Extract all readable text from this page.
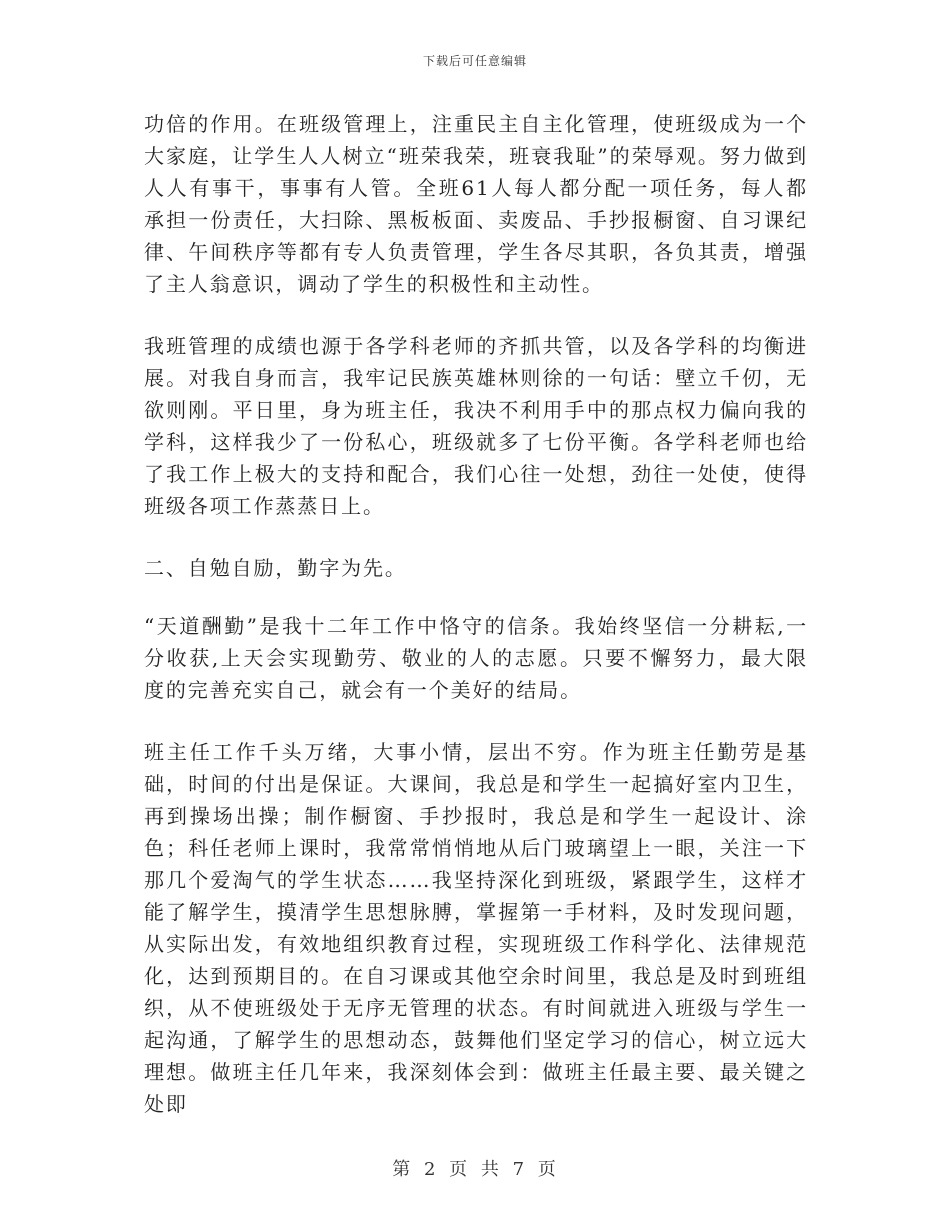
下载后可任意编辑

功倍的作用。在班级管理上，注重民主自主化管理，使班级成为一个大家庭，让学生人人树立“班荣我荣，班衰我耻”的荣辱观。努力做到人人有事干，事事有人管。全班61人每人都分配一项任务，每人都承担一份责任，大扫除、黑板板面、卖废品、手抄报橱窗、自习课纪律、午间秩序等都有专人负责管理，学生各尽其职，各负其责，增强了主人翁意识，调动了学生的积极性和主动性。

我班管理的成绩也源于各学科老师的齐抓共管，以及各学科的均衡进展。对我自身而言，我牢记民族英雄林则徐的一句话：壁立千仞，无欲则刚。平日里，身为班主任，我决不利用手中的那点权力偏向我的学科，这样我少了一份私心，班级就多了七份平衡。各学科老师也给了我工作上极大的支持和配合，我们心往一处想，劲往一处使，使得班级各项工作蒸蒸日上。

二、自勉自励，勤字为先。

“天道酬勤”是我十二年工作中恪守的信条。我始终坚信一分耕耘,一分收获,上天会实现勤劳、敬业的人的志愿。只要不懈努力，最大限度的完善充实自己，就会有一个美好的结局。

班主任工作千头万绪，大事小情，层出不穷。作为班主任勤劳是基础，时间的付出是保证。大课间，我总是和学生一起搞好室内卫生，再到操场出操；制作橱窗、手抄报时，我总是和学生一起设计、涂色；科任老师上课时，我常常悄悄地从后门玻璃望上一眼，关注一下那几个爱淘气的学生状态……我坚持深化到班级，紧跟学生，这样才能了解学生，摸清学生思想脉膊，掌握第一手材料，及时发现问题，从实际出发，有效地组织教育过程，实现班级工作科学化、法律规范化，达到预期目的。在自习课或其他空余时间里，我总是及时到班组织，从不使班级处于无序无管理的状态。有时间就进入班级与学生一起沟通，了解学生的思想动态，鼓舞他们坚定学习的信心，树立远大理想。做班主任几年来，我深刻体会到：做班主任最主要、最关键之处即

第 2 页 共 7 页
